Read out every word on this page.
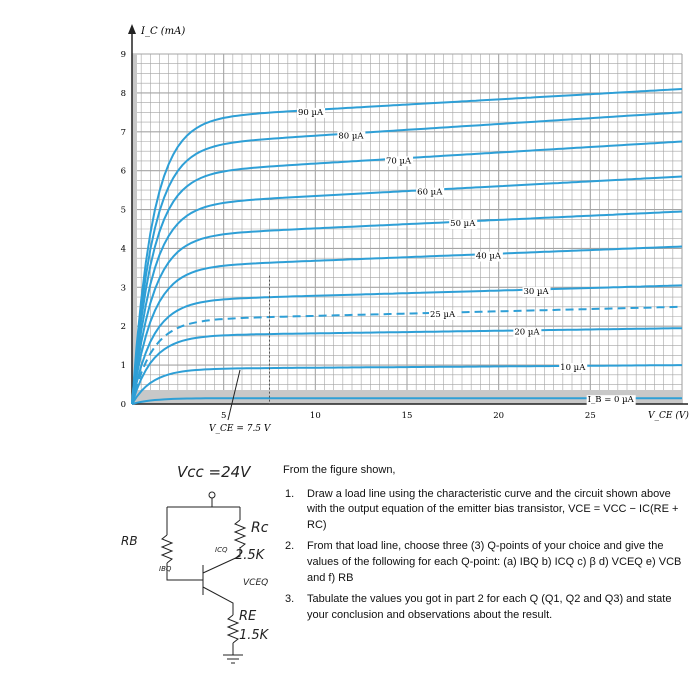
I_B = 0 µA
10 µA
20 µA
25 µA
30 µA
40 µA
50 µA
60 µA
70 µA
80 µA
90 µA
5	10	15	20	25
0
1
2
3
4
5
6
7
8
9
I_C (mA)
V_CE (V)
V_CE = 7.5 V
Vcc =24V
RB
Rc
2.5K
ICQ
IBQ
VCEQ
RE
1.5K

From the figure shown,

1.	Draw a load line using the characteristic curve and the circuit shown above with the output equation of the emitter bias transistor, VCE = VCC − IC(RE + RC)
2.	From that load line, choose three (3) Q-points of your choice and give the values of the following for each Q-point: (a) IBQ b) ICQ c) β d) VCEQ e) VCB and f) RB
3.	Tabulate the values you got in part 2 for each Q (Q1, Q2 and Q3) and state your conclusion and observations about the result.
